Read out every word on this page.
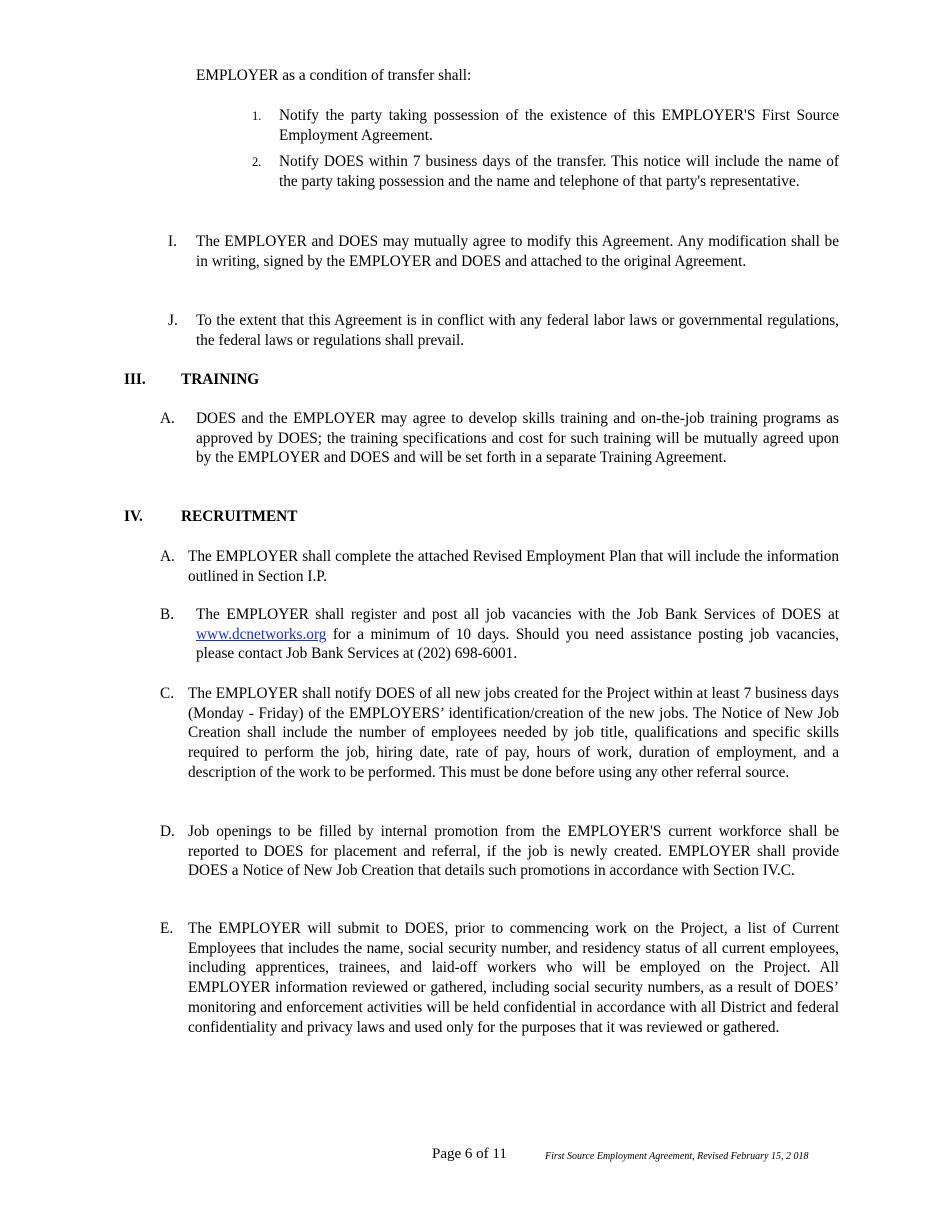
EMPLOYER as a condition of transfer shall:
1. Notify the party taking possession of the existence of this EMPLOYER'S First Source Employment Agreement.
2. Notify DOES within 7 business days of the transfer. This notice will include the name of the party taking possession and the name and telephone of that party's representative.
I. The EMPLOYER and DOES may mutually agree to modify this Agreement. Any modification shall be in writing, signed by the EMPLOYER and DOES and attached to the original Agreement.
J. To the extent that this Agreement is in conflict with any federal labor laws or governmental regulations, the federal laws or regulations shall prevail.
III. TRAINING
A. DOES and the EMPLOYER may agree to develop skills training and on-the-job training programs as approved by DOES; the training specifications and cost for such training will be mutually agreed upon by the EMPLOYER and DOES and will be set forth in a separate Training Agreement.
IV. RECRUITMENT
A. The EMPLOYER shall complete the attached Revised Employment Plan that will include the information outlined in Section I.P.
B. The EMPLOYER shall register and post all job vacancies with the Job Bank Services of DOES at www.dcnetworks.org for a minimum of 10 days. Should you need assistance posting job vacancies, please contact Job Bank Services at (202) 698-6001.
C. The EMPLOYER shall notify DOES of all new jobs created for the Project within at least 7 business days (Monday - Friday) of the EMPLOYERS’ identification/creation of the new jobs. The Notice of New Job Creation shall include the number of employees needed by job title, qualifications and specific skills required to perform the job, hiring date, rate of pay, hours of work, duration of employment, and a description of the work to be performed. This must be done before using any other referral source.
D. Job openings to be filled by internal promotion from the EMPLOYER'S current workforce shall be reported to DOES for placement and referral, if the job is newly created. EMPLOYER shall provide DOES a Notice of New Job Creation that details such promotions in accordance with Section IV.C.
E. The EMPLOYER will submit to DOES, prior to commencing work on the Project, a list of Current Employees that includes the name, social security number, and residency status of all current employees, including apprentices, trainees, and laid-off workers who will be employed on the Project. All EMPLOYER information reviewed or gathered, including social security numbers, as a result of DOES’ monitoring and enforcement activities will be held confidential in accordance with all District and federal confidentiality and privacy laws and used only for the purposes that it was reviewed or gathered.
Page 6 of 11	First Source Employment Agreement, Revised February 15, 2 018
